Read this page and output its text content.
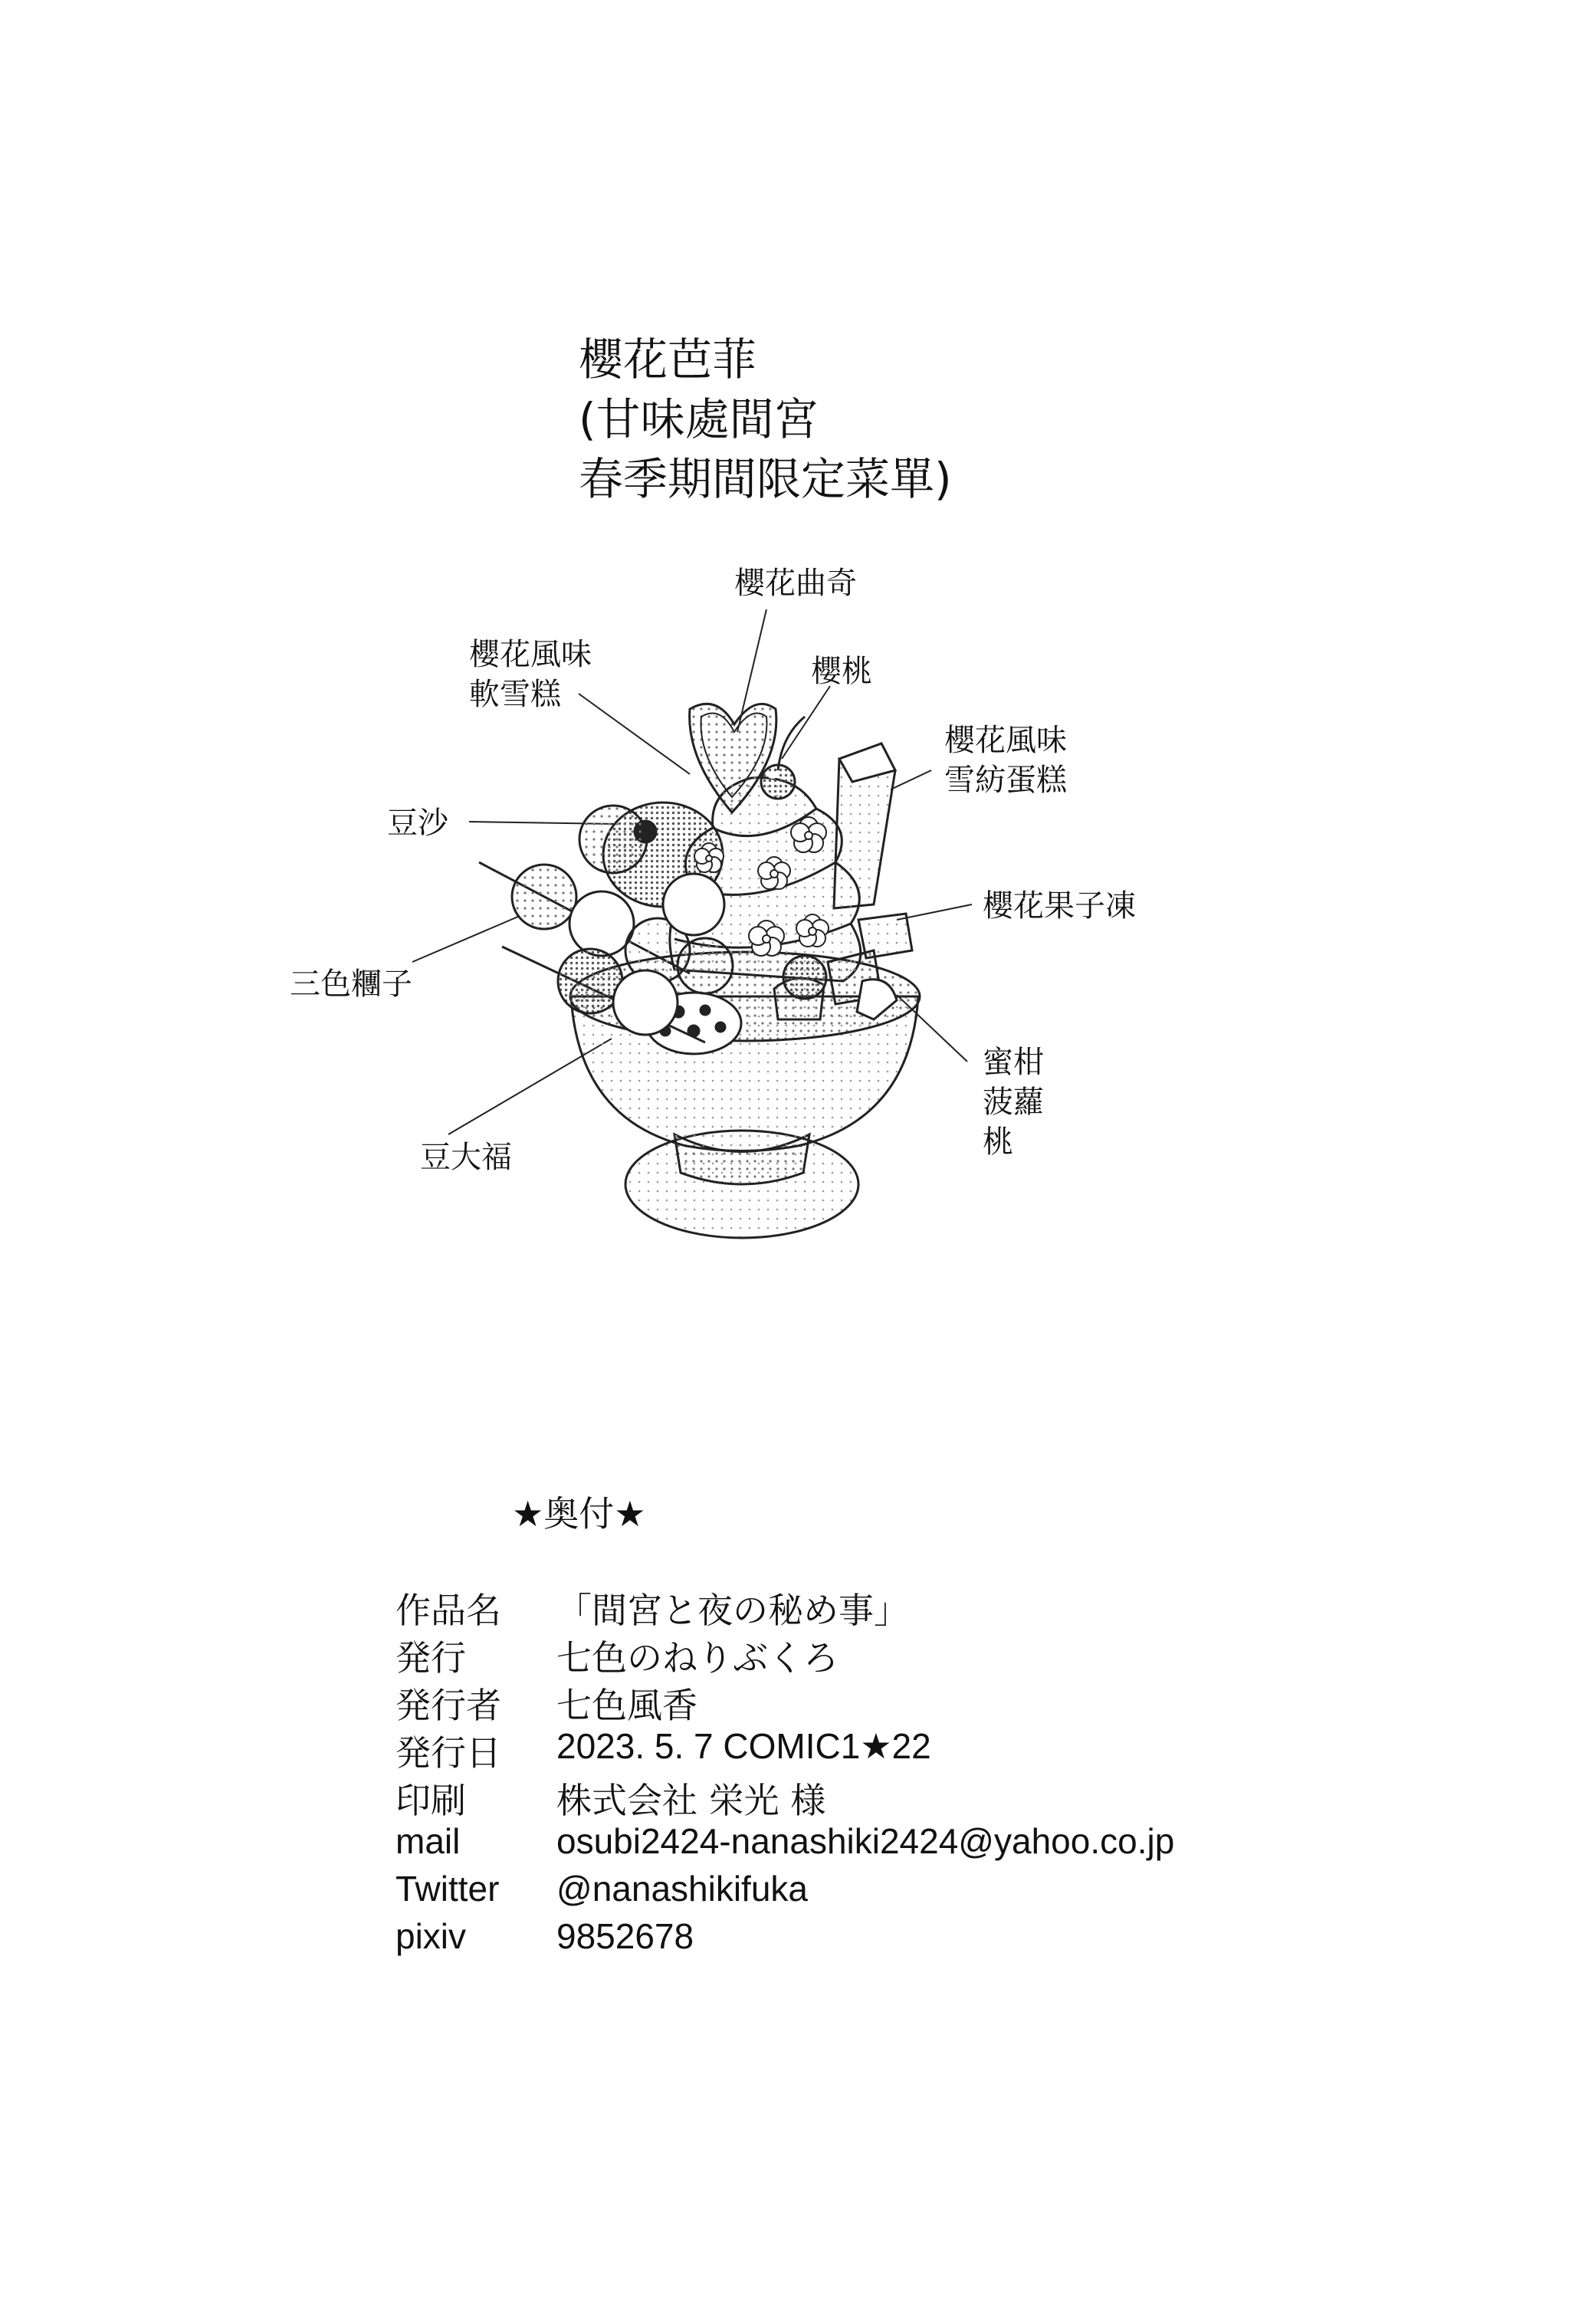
櫻花芭菲
(甘味處間宮
春季期間限定菜單)
櫻花曲奇
櫻桃
櫻花風味
軟雪糕
櫻花風味
雪紡蛋糕
豆沙
櫻花果子凍
三色糰子
蜜柑
菠蘿
桃
豆大福
★奥付★
作品名 「間宮と夜の秘め事」
発行	七色のねりぶくろ
発行者 七色風香
発行日 2023. 5. 7 COMIC1★22
印刷	株式会社 栄光 様
mail	osubi2424-nanashiki2424@yahoo.co.jp
Twitter @nanashikifuka
pixiv	9852678
